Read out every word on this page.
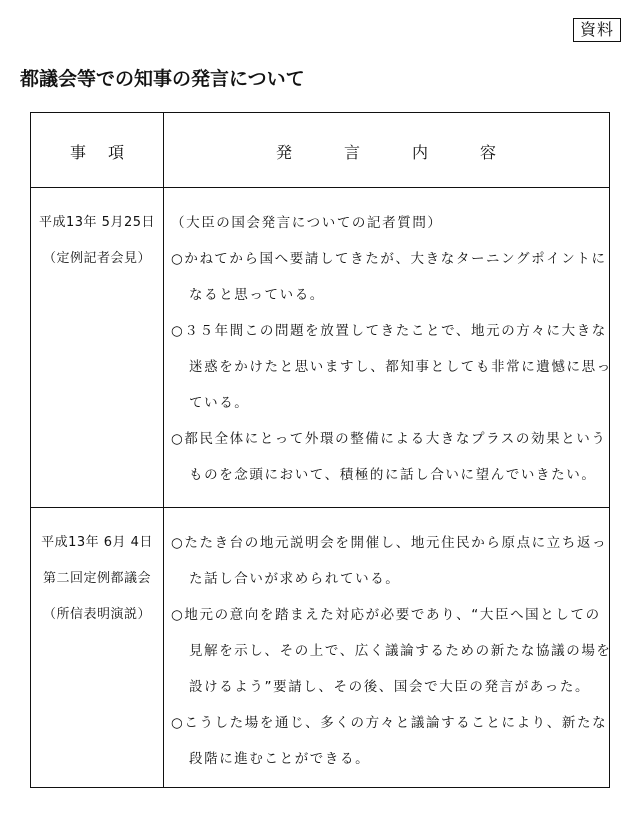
資料
都議会等での知事の発言について
事項	発言内容
平成13年 5月25日
（定例記者会見）
（大臣の国会発言についての記者質問）
○かねてから国へ要請してきたが、大きなターニングポイントに
なると思っている。
○３５年間この問題を放置してきたことで、地元の方々に大きな
迷惑をかけたと思いますし、都知事としても非常に遺憾に思っ
ている。
○都民全体にとって外環の整備による大きなプラスの効果という
ものを念頭において、積極的に話し合いに望んでいきたい。
平成13年 6月 4日
第二回定例都議会
（所信表明演説）
○たたき台の地元説明会を開催し、地元住民から原点に立ち返っ
た話し合いが求められている。
○地元の意向を踏まえた対応が必要であり、“大臣へ国としての
見解を示し、その上で、広く議論するための新たな協議の場を
設けるよう”要請し、その後、国会で大臣の発言があった。
○こうした場を通じ、多くの方々と議論することにより、新たな
段階に進むことができる。
